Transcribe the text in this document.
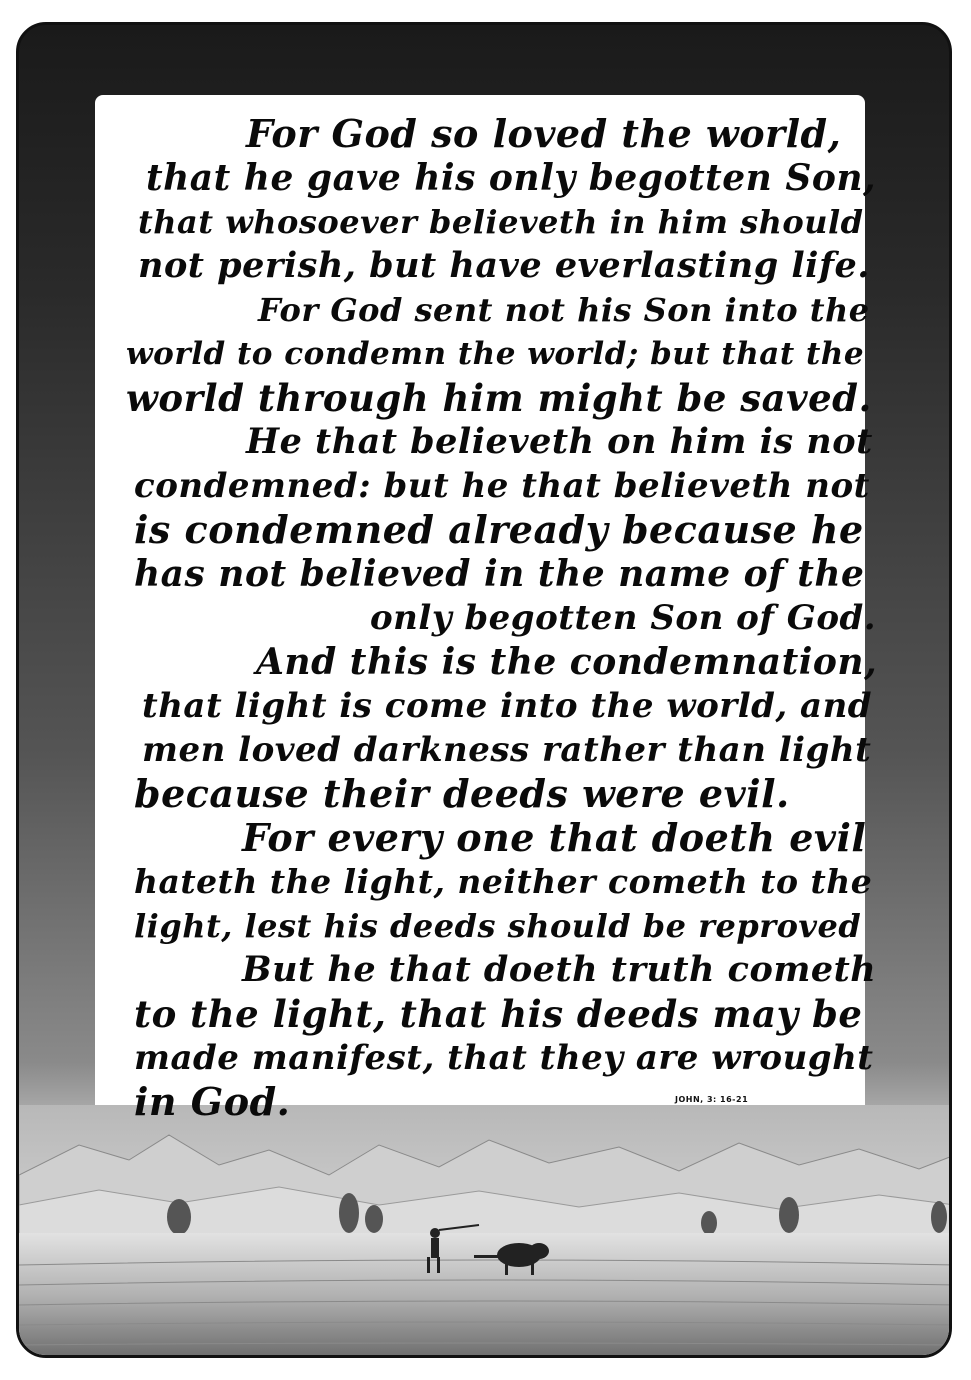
For God so loved the world,
that he gave his only begotten Son,
that whosoever believeth in him should
not perish, but have everlasting life.
For God sent not his Son into the
world to condemn the world; but that the
world through him might be saved.
He that believeth on him is not
condemned: but he that believeth not
is condemned already because he
has not believed in the name of the
only begotten Son of God.
And this is the condemnation,
that light is come into the world, and
men loved darkness rather than light
because their deeds were evil.
For every one that doeth evil
hateth the light, neither cometh to the
light, lest his deeds should be reproved
But he that doeth truth cometh
to the light, that his deeds may be
made manifest, that they are wrought
in God.	JOHN, 3: 16-21
